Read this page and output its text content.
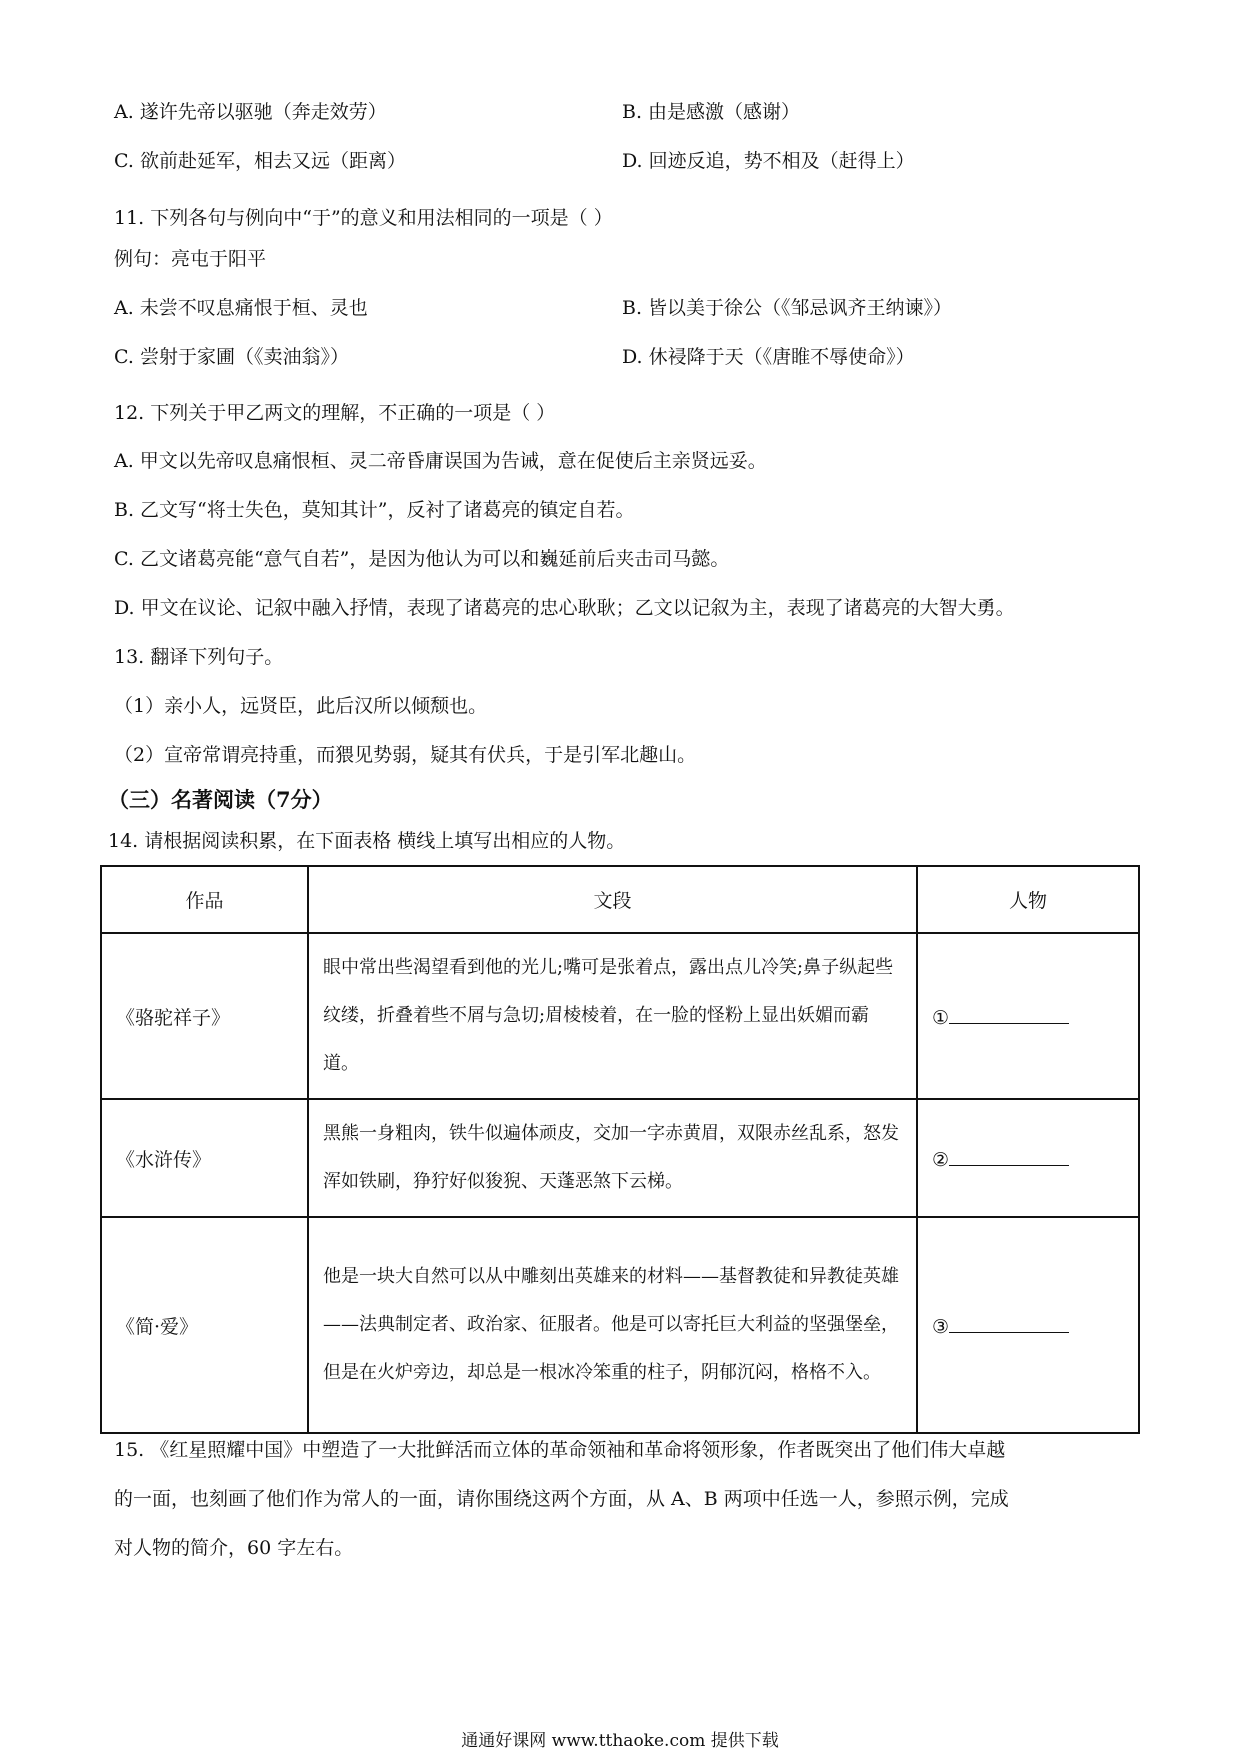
A. 遂许先帝以驱驰（奔走效劳）	B. 由是感激（感谢）
C. 欲前赴延军，相去又远（距离）	D. 回迹反追，势不相及（赶得上）
11. 下列各句与例向中“于”的意义和用法相同的一项是（ ）
例句：亮屯于阳平
A. 未尝不叹息痛恨于桓、灵也	B. 皆以美于徐公（《邹忌讽齐王纳谏》）
C. 尝射于家圃（《卖油翁》）	D. 休祲降于天（《唐睢不辱使命》）
12. 下列关于甲乙两文的理解，不正确的一项是（ ）
A. 甲文以先帝叹息痛恨桓、灵二帝昏庸误国为告诫，意在促使后主亲贤远妥。
B. 乙文写“将士失色，莫知其计”，反衬了诸葛亮的镇定自若。
C. 乙文诸葛亮能“意气自若”，是因为他认为可以和巍延前后夹击司马懿。
D. 甲文在议论、记叙中融入抒情，表现了诸葛亮的忠心耿耿；乙文以记叙为主，表现了诸葛亮的大智大勇。
13. 翻译下列句子。
（1）亲小人，远贤臣，此后汉所以倾颓也。
（2）宣帝常谓亮持重，而猥见势弱，疑其有伏兵，于是引军北趣山。
（三）名著阅读（7分）
14. 请根据阅读积累，在下面表格 横线上填写出相应的人物。
作品	文段	人物
《骆驼祥子》	眼中常出些渴望看到他的光儿;嘴可是张着点，露出点儿冷笑;鼻子纵起些纹缕，折叠着些不屑与急切;眉棱棱着，在一脸的怪粉上显出妖媚而霸道。	①
《水浒传》	黑熊一身粗肉，铁牛似遍体顽皮，交加一字赤黄眉，双限赤丝乱系，怒发浑如铁刷，狰狞好似狻猊、天蓬恶煞下云梯。	②
《简·爱》	他是一块大自然可以从中雕刻出英雄来的材料——基督教徒和异教徒英雄——法典制定者、政治家、征服者。他是可以寄托巨大利益的坚强堡垒，但是在火炉旁边，却总是一根冰冷笨重的柱子，阴郁沉闷，格格不入。	③
15. 《红星照耀中国》中塑造了一大批鲜活而立体的革命领袖和革命将领形象，作者既突出了他们伟大卓越
的一面，也刻画了他们作为常人的一面，请你围绕这两个方面，从 A、B 两项中任选一人，参照示例，完成
对人物的简介，60 字左右。
通通好课网 www.tthaoke.com 提供下载
